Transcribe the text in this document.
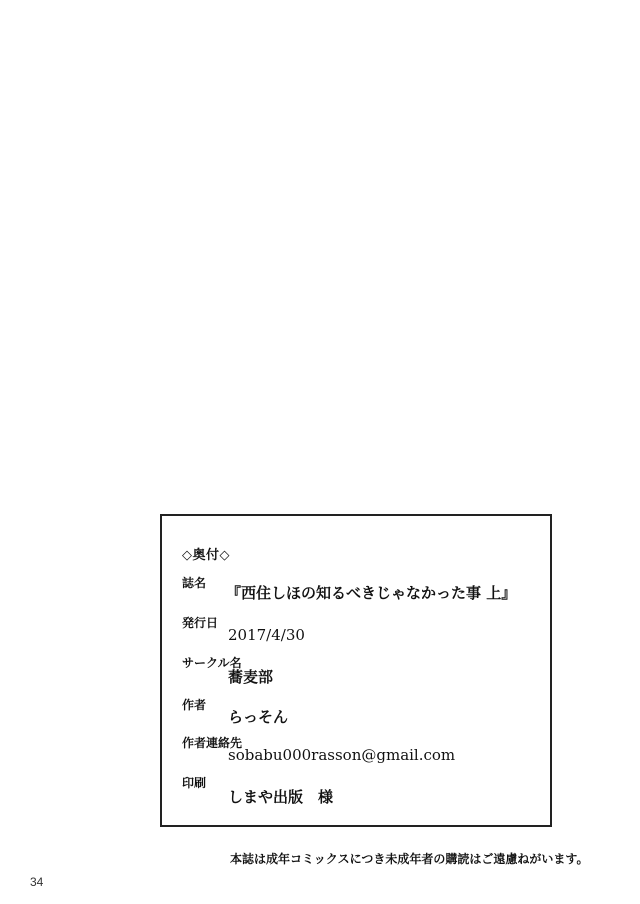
◇奥付◇
誌名
『西住しほの知るべきじゃなかった事 上』
発行日
2017/4/30
サークル名
蕎麦部
作者
らっそん
作者連絡先
sobabu000rasson@gmail.com
印刷
しまや出版　様
本誌は成年コミックスにつき未成年者の購読はご遠慮ねがいます。
34
